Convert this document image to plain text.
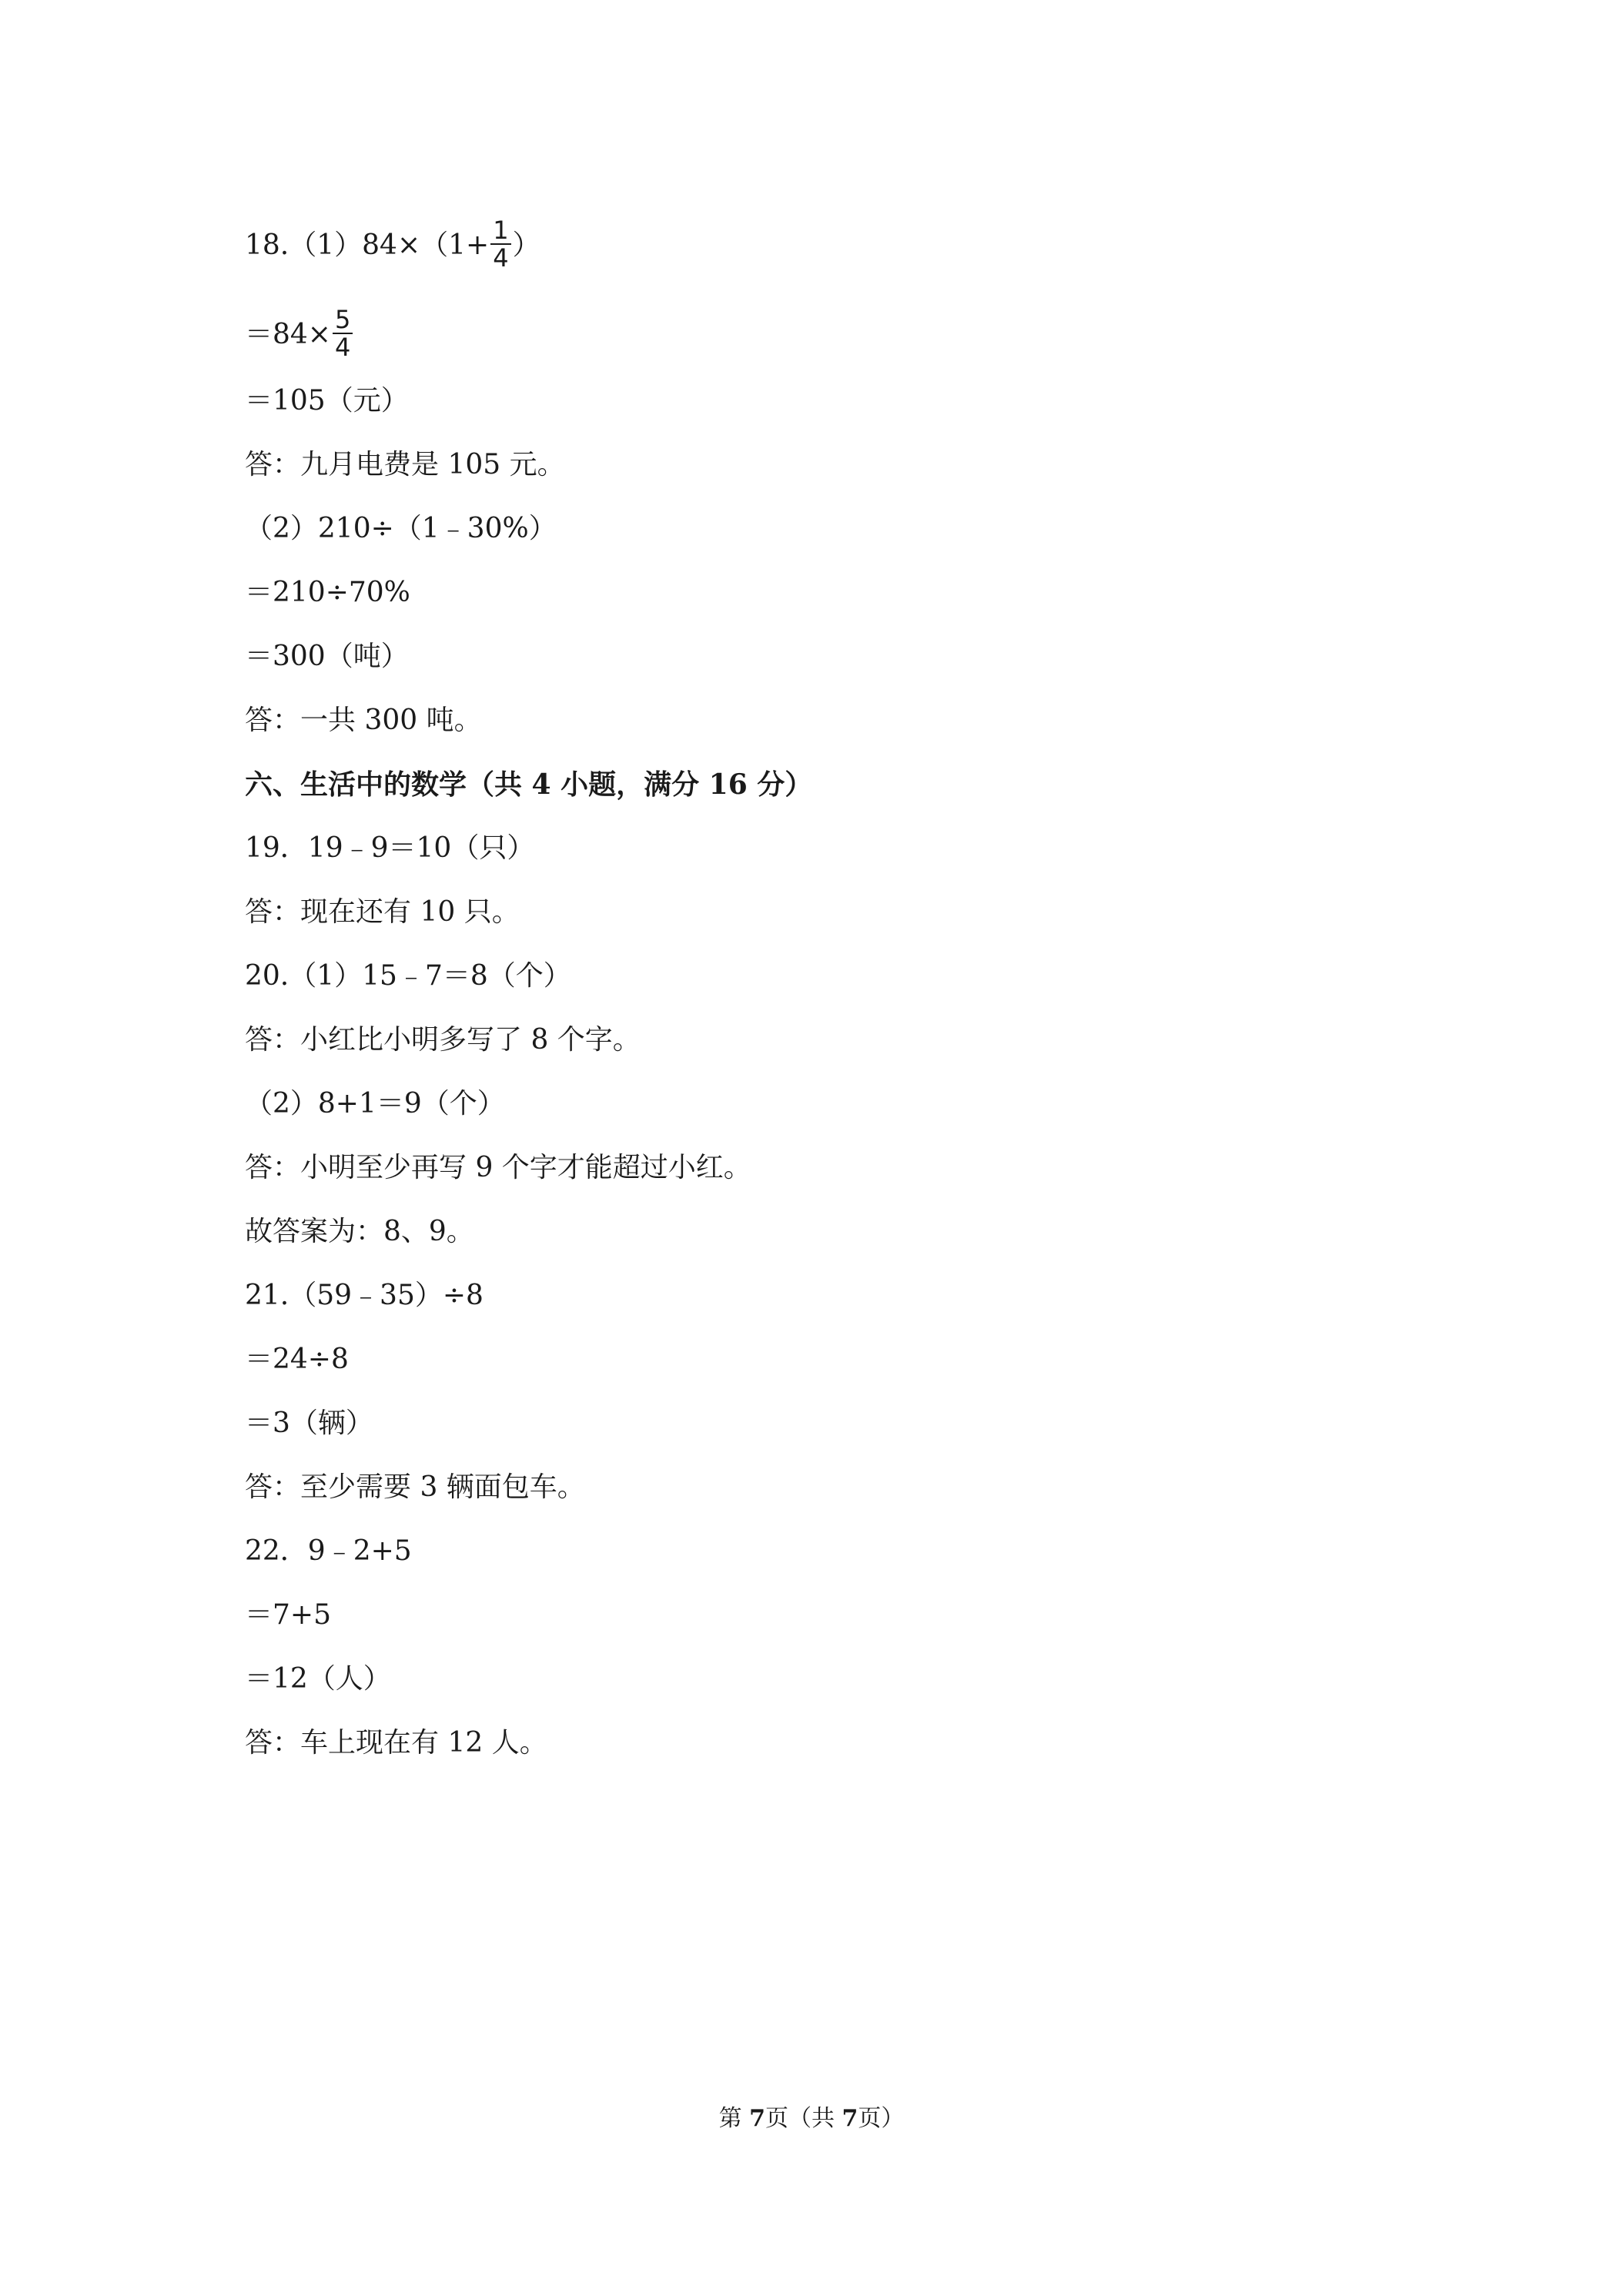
$18.(1)84\times(1+ \frac{1}{4}$ ）
$=84\times \frac{5}{4}$
＝105（元）
答：九月电费是 105 元。
（2）210÷（1﹣30%）
＝210÷70%
＝300（吨）
答：一共 300 吨。
六、生活中的数学（共 4 小题，满分 16 分）
19．19﹣9＝10（只）
答：现在还有 10 只。
20.（1）15﹣7＝8（个）
答：小红比小明多写了 8 个字。
（2）8+1＝9（个）
答：小明至少再写 9 个字才能超过小红。
故答案为：8、9。
21.（59﹣35）÷8
＝24÷8
＝3（辆）
答：至少需要 3 辆面包车。
22．9﹣2+5
＝7+5
＝12（人）
答：车上现在有 12 人。
第 7页（共 7页）
